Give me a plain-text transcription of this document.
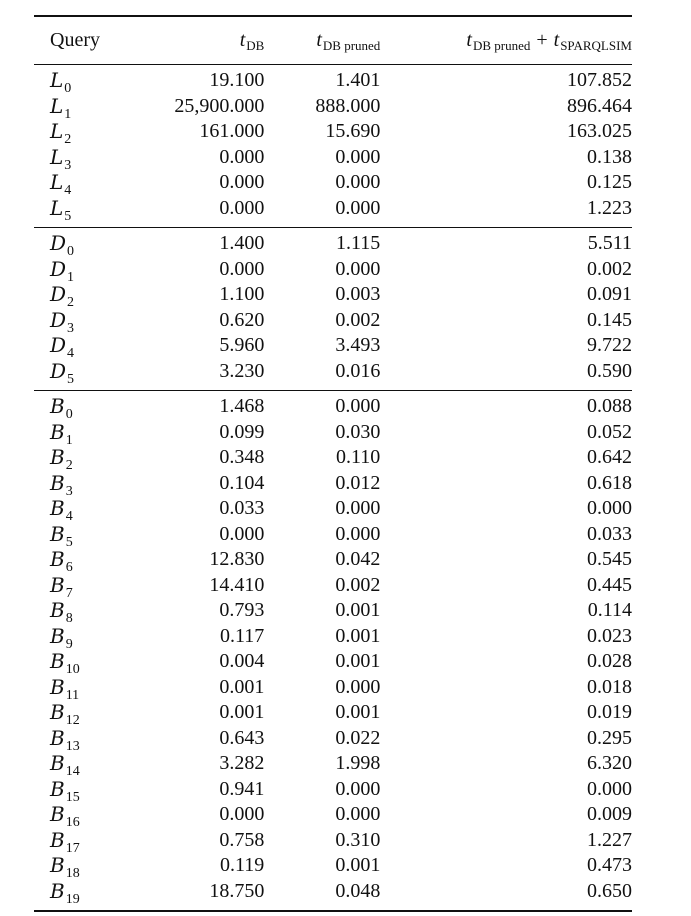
Query	$t_{DB}$	$t_{DB pruned}$	$t_{DB pruned} + t_{SPARQLSIM}$
$L_0$	19.100	1.401	107.852
$L_1$	25,900.000	888.000	896.464
$L_2$	161.000	15.690	163.025
$L_3$	0.000	0.000	0.138
$L_4$	0.000	0.000	0.125
$L_5$	0.000	0.000	1.223
$D_0$	1.400	1.115	5.511
$D_1$	0.000	0.000	0.002
$D_2$	1.100	0.003	0.091
$D_3$	0.620	0.002	0.145
$D_4$	5.960	3.493	9.722
$D_5$	3.230	0.016	0.590
$B_0$	1.468	0.000	0.088
$B_1$	0.099	0.030	0.052
$B_2$	0.348	0.110	0.642
$B_3$	0.104	0.012	0.618
$B_4$	0.033	0.000	0.000
$B_5$	0.000	0.000	0.033
$B_6$	12.830	0.042	0.545
$B_7$	14.410	0.002	0.445
$B_8$	0.793	0.001	0.114
$B_9$	0.117	0.001	0.023
$B_{10}$	0.004	0.001	0.028
$B_{11}$	0.001	0.000	0.018
$B_{12}$	0.001	0.001	0.019
$B_{13}$	0.643	0.022	0.295
$B_{14}$	3.282	1.998	6.320
$B_{15}$	0.941	0.000	0.000
$B_{16}$	0.000	0.000	0.009
$B_{17}$	0.758	0.310	1.227
$B_{18}$	0.119	0.001	0.473
$B_{19}$	18.750	0.048	0.650
